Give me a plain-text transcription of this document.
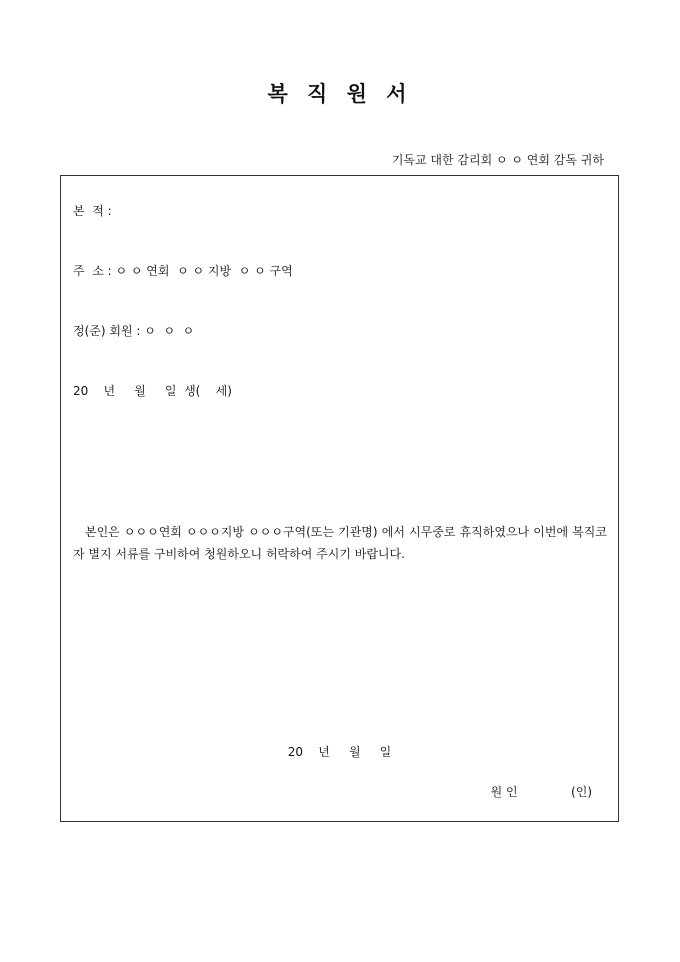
복 직 원 서
기독교 대한 감리회 ㅇ ㅇ 연회 감독 귀하
본  적 :
주  소 : ㅇ ㅇ 연회  ㅇ ㅇ 지방  ㅇ ㅇ 구역
정(준) 회원 : ㅇ  ㅇ  ㅇ
20    년     월     일  생(    세)
본인은 ㅇㅇㅇ연회 ㅇㅇㅇ지방 ㅇㅇㅇ구역(또는 기관명) 에서 시무중로 휴직하였으나 이번에 복직코자 별지 서류를 구비하여 청원하오니 허락하여 주시기 바랍니다.
20    년     월     일
원 인              (인)
